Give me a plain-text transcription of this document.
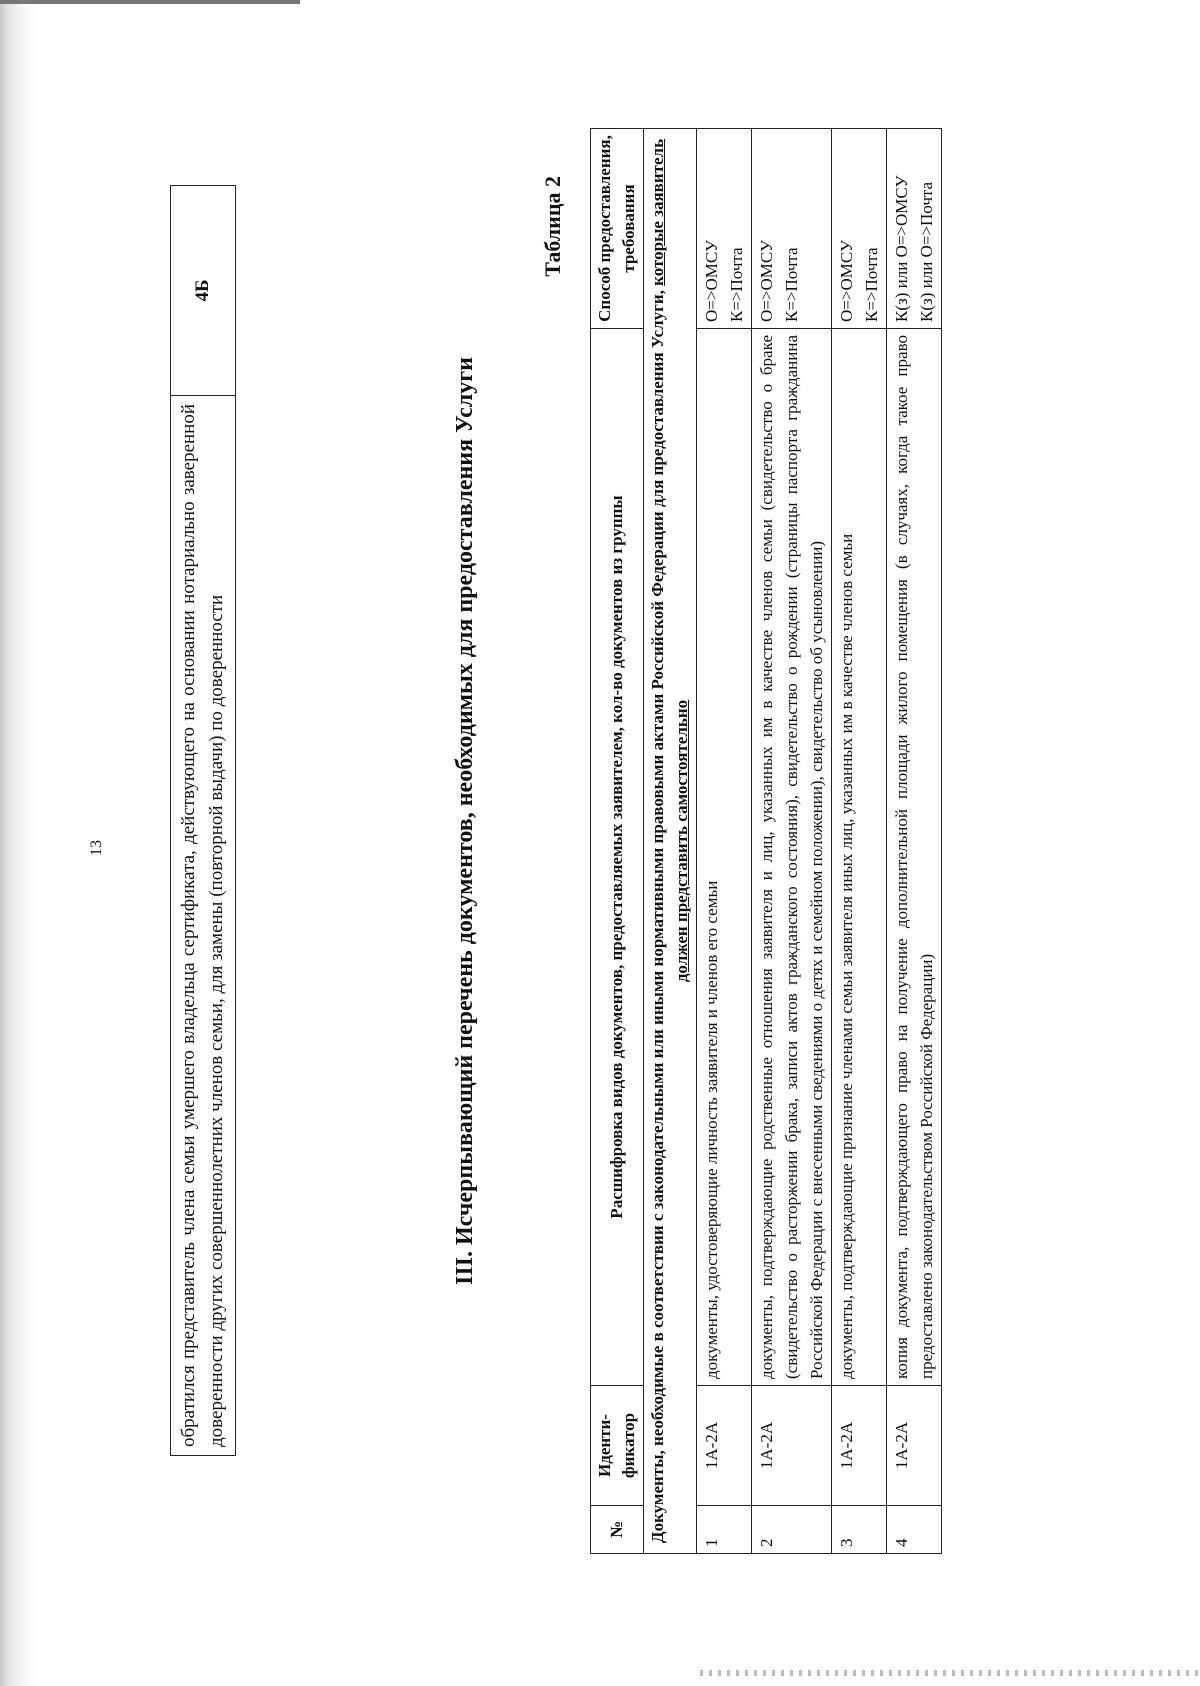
13	обратился представитель члена семьи умершего владельца сертификата, действующего на основании нотариально заверенной доверенности других совершеннолетних членов семьи, для замены (повторной выдачи) по доверенности	4Б
III. Исчерпывающий перечень документов, необходимых для предоставления Услуги
Таблица 2
№	Иденти-фикатор	Расшифровка видов документов, предоставляемых заявителем, кол-во документов из группы	Способ предоставления, требования
Документы, необходимые в соответствии с законодательными или иными нормативными правовыми актами Российской Федерации для предоставления Услуги, которые заявитель должен представить самостоятельно			
1	1А-2А	документы, удостоверяющие личность заявителя и членов его семьи	О=>ОМСУ К=>Почта

2	1А-2А	документы, подтверждающие родственные отношения заявителя и лиц, указанных им в качестве членов семьи (свидетельство о браке (свидетельство о расторжении брака, записи актов гражданского состояния), свидетельство о рождении (страницы паспорта гражданина Российской Федерации с внесенными сведениями о детях и семейном положении), свидетельство об усыновлении)	О=>ОМСУ К=>Почта

3	1А-2А	документы, подтверждающие признание членами семьи заявителя иных лиц, указанных им в качестве членов семьи	О=>ОМСУ К=>Почта

4	1А-2А	копия документа, подтверждающего право на получение дополнительной площади жилого помещения (в случаях, когда такое право предоставлено законодательством Российской Федерации)	К(з) или О=>ОМСУ К(з) или О=>Почта
